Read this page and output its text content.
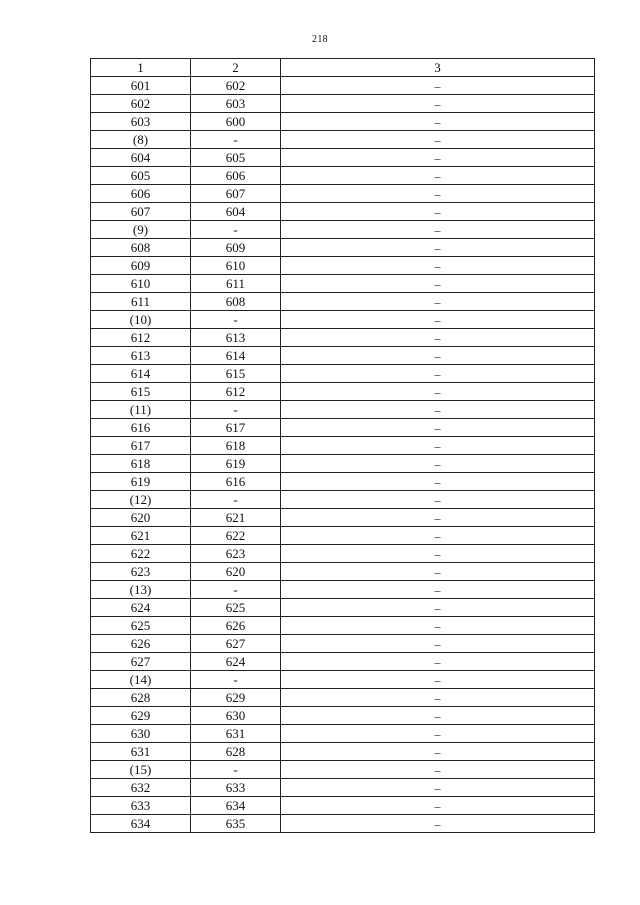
218
1	2	3
601	602	–
602	603	–
603	600	–
(8)	-	–
604	605	–
605	606	–
606	607	–
607	604	–
(9)	-	–
608	609	–
609	610	–
610	611	–
611	608	–
(10)	-	–
612	613	–
613	614	–
614	615	–
615	612	–
(11)	-	–
616	617	–
617	618	–
618	619	–
619	616	–
(12)	-	–
620	621	–
621	622	–
622	623	–
623	620	–
(13)	-	–
624	625	–
625	626	–
626	627	–
627	624	–
(14)	-	–
628	629	–
629	630	–
630	631	–
631	628	–
(15)	-	–
632	633	–
633	634	–
634	635	–
